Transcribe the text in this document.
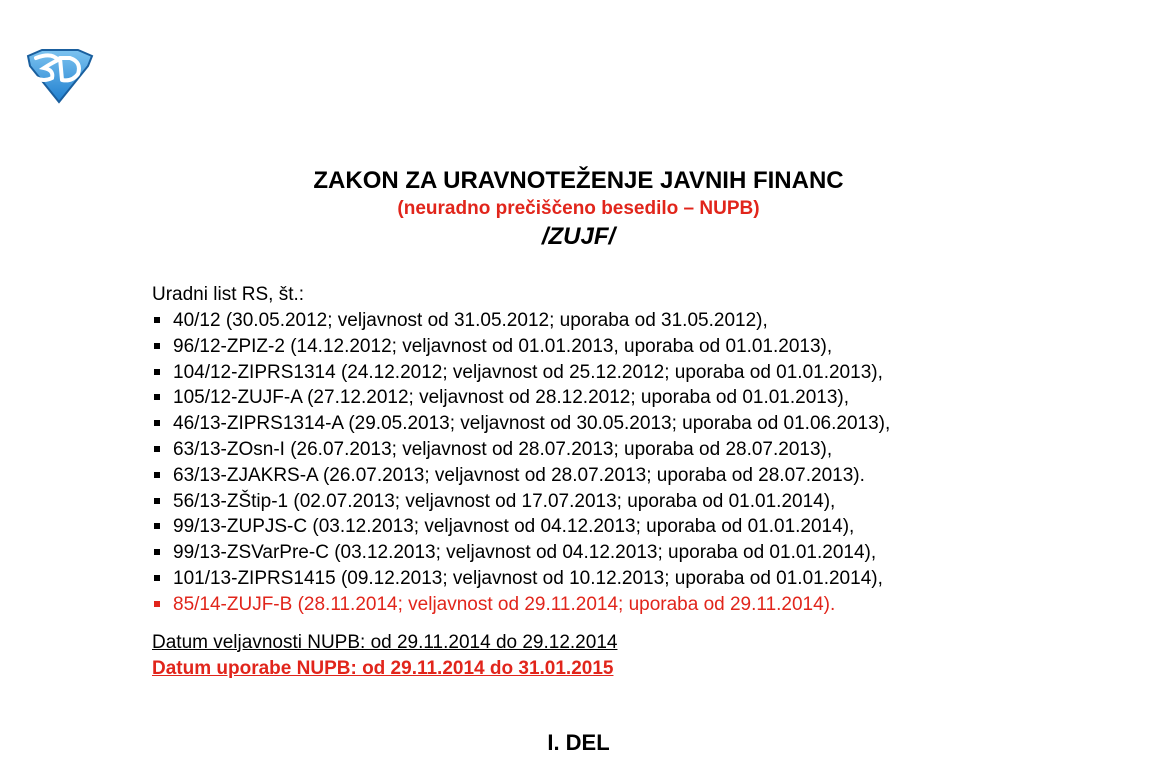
ZAKON ZA URAVNOTEŽENJE JAVNIH FINANC

(neuradno prečiščeno besedilo – NUPB)

/ZUJF/

Uradni list RS, št.:

40/12 (30.05.2012; veljavnost od 31.05.2012; uporaba od 31.05.2012),
96/12-ZPIZ-2 (14.12.2012; veljavnost od 01.01.2013, uporaba od 01.01.2013),
104/12-ZIPRS1314 (24.12.2012; veljavnost od 25.12.2012; uporaba od 01.01.2013),
105/12-ZUJF-A (27.12.2012; veljavnost od 28.12.2012; uporaba od 01.01.2013),
46/13-ZIPRS1314-A (29.05.2013; veljavnost od 30.05.2013; uporaba od 01.06.2013),
63/13-ZOsn-I (26.07.2013; veljavnost od 28.07.2013; uporaba od 28.07.2013),
63/13-ZJAKRS-A (26.07.2013; veljavnost od 28.07.2013; uporaba od 28.07.2013).
56/13-ZŠtip-1 (02.07.2013; veljavnost od 17.07.2013; uporaba od 01.01.2014),
99/13-ZUPJS-C (03.12.2013; veljavnost od 04.12.2013; uporaba od 01.01.2014),
99/13-ZSVarPre-C (03.12.2013; veljavnost od 04.12.2013; uporaba od 01.01.2014),
101/13-ZIPRS1415 (09.12.2013; veljavnost od 10.12.2013; uporaba od 01.01.2014),
85/14-ZUJF-B (28.11.2014; veljavnost od 29.11.2014; uporaba od 29.11.2014).

Datum veljavnosti NUPB: od 29.11.2014 do 29.12.2014

Datum uporabe NUPB: od 29.11.2014 do 31.01.2015

I. DEL
